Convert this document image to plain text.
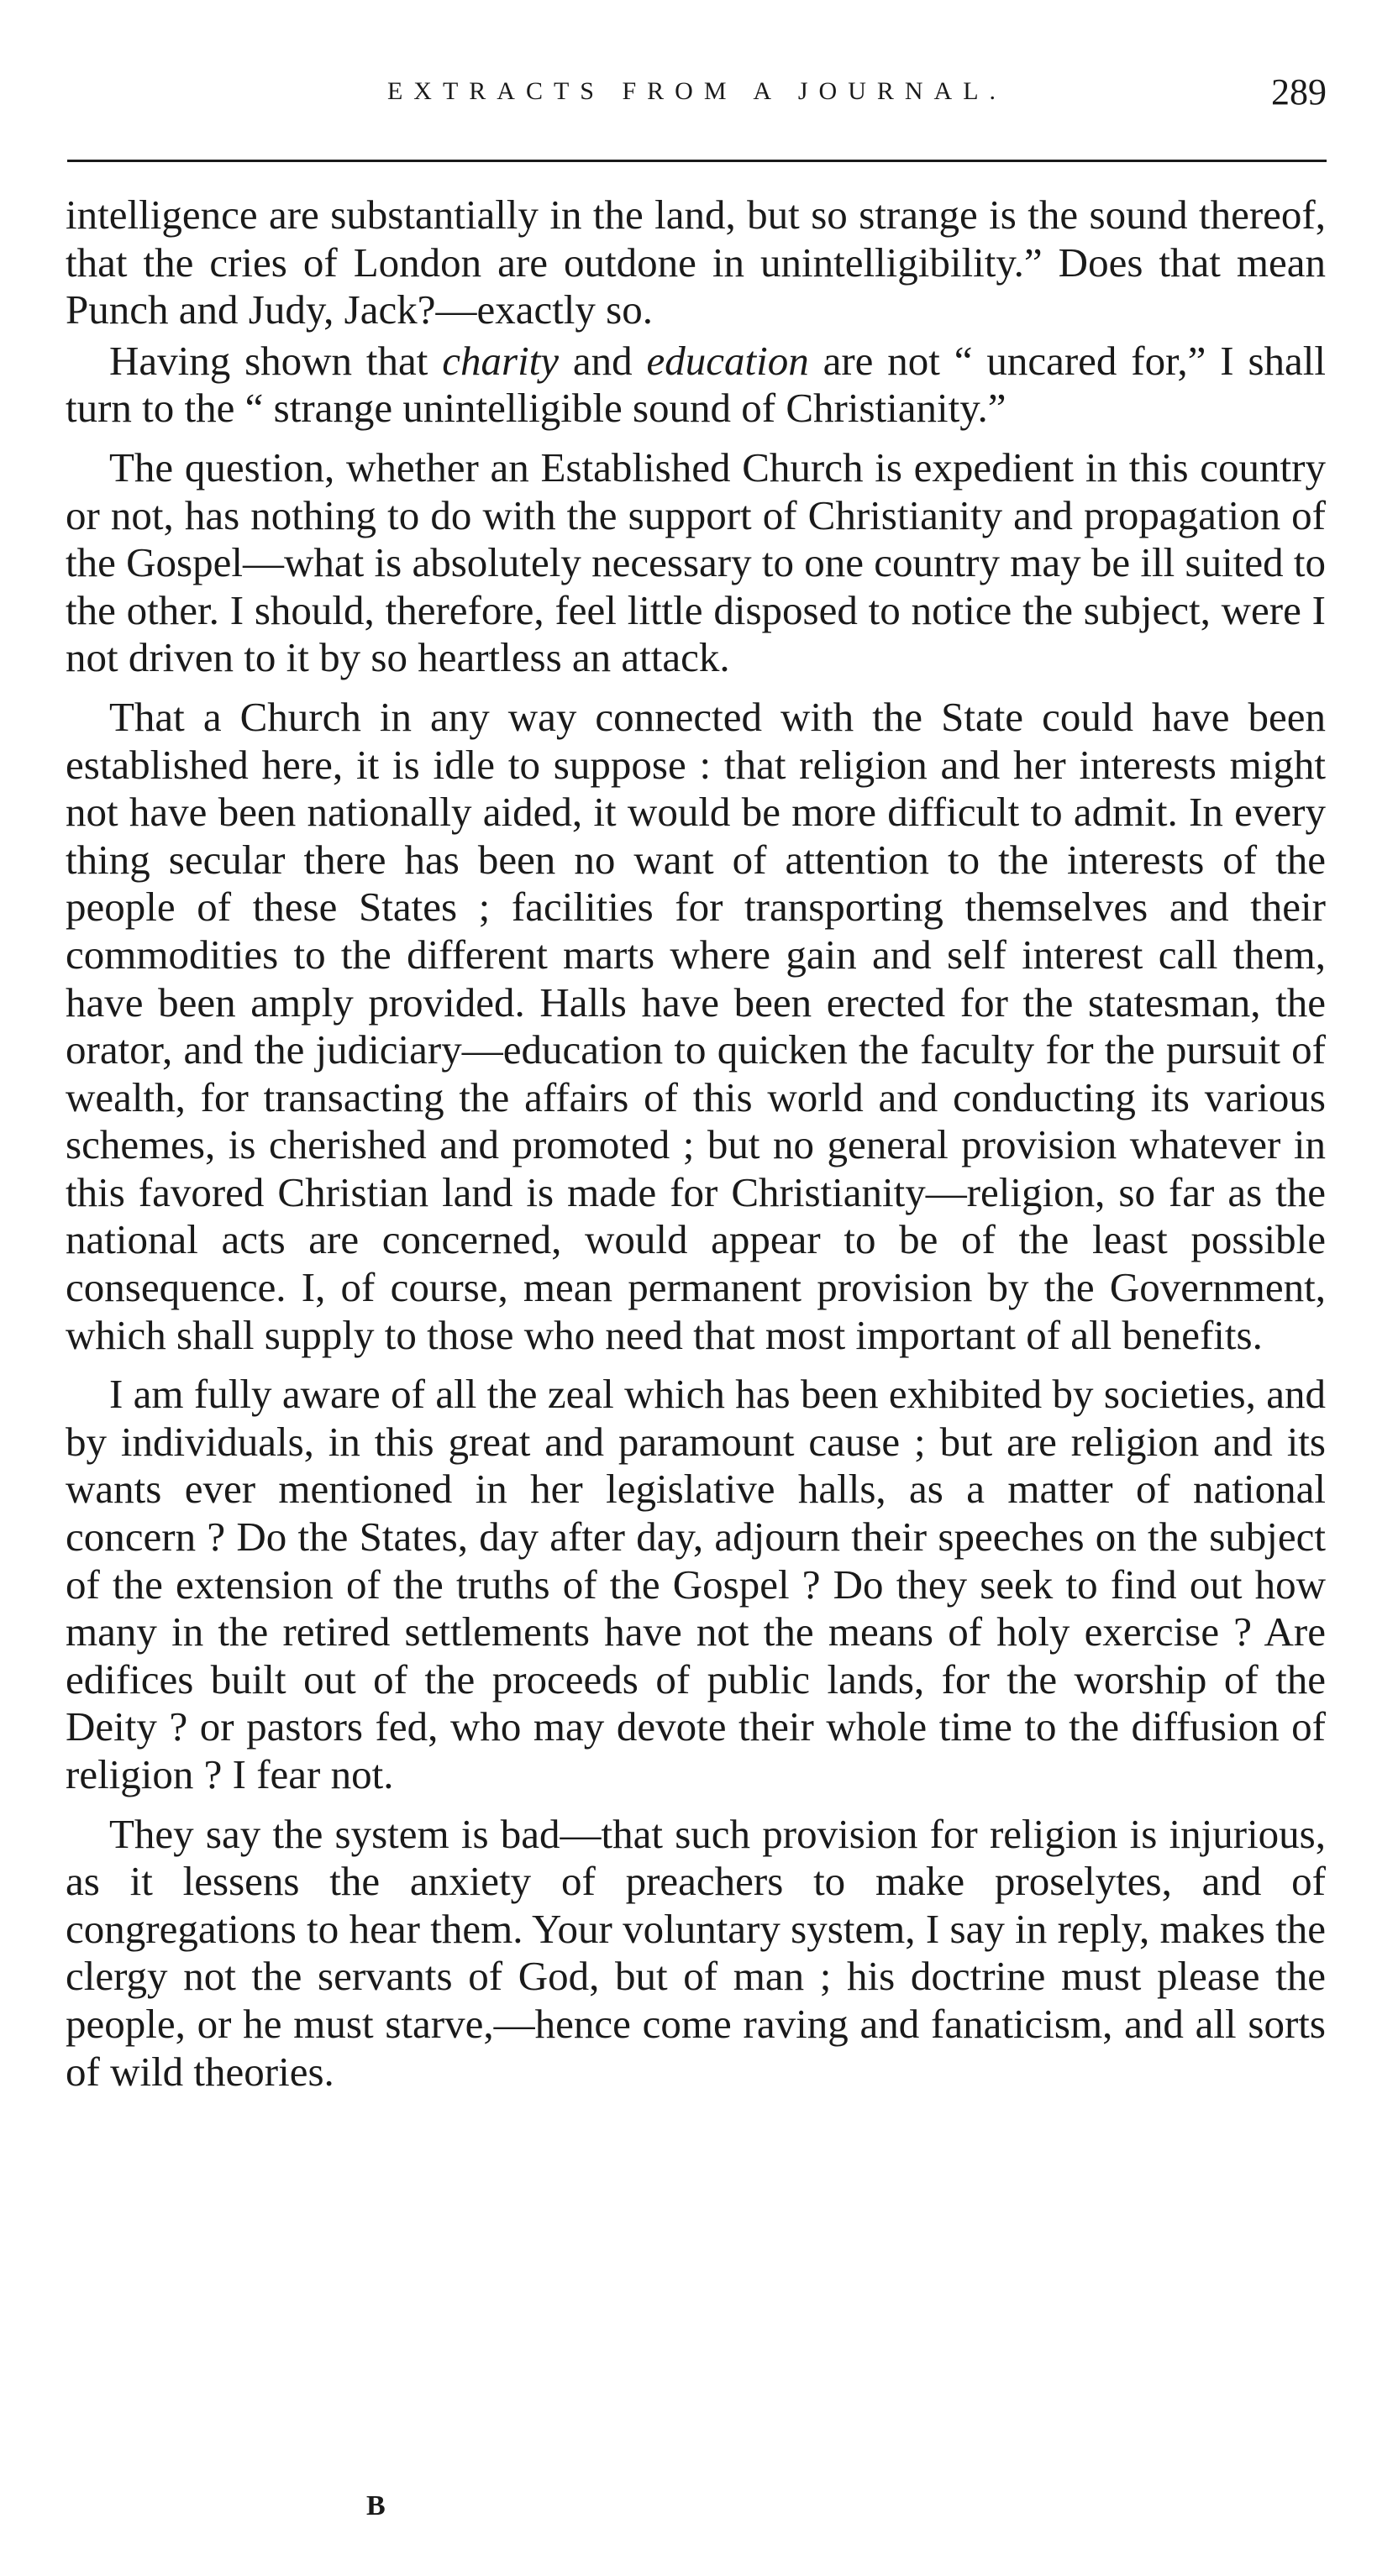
EXTRACTS FROM A JOURNAL.	289

intelligence are substantially in the land, but so strange is the sound thereof, that the cries of London are outdone in unintelligibility.” Does that mean Punch and Judy, Jack?—exactly so.

Having shown that charity and education are not “ uncared for,” I shall turn to the “ strange unintelligible sound of Christianity.”

The question, whether an Established Church is expedient in this country or not, has nothing to do with the support of Christianity and propagation of the Gospel—what is absolutely necessary to one country may be ill suited to the other. I should, therefore, feel little disposed to notice the subject, were I not driven to it by so heartless an attack.

That a Church in any way connected with the State could have been established here, it is idle to suppose : that religion and her interests might not have been nationally aided, it would be more difficult to admit. In every thing secular there has been no want of attention to the interests of the people of these States ; facilities for transporting themselves and their commodities to the different marts where gain and self interest call them, have been amply provided. Halls have been erected for the statesman, the orator, and the judiciary—education to quicken the faculty for the pursuit of wealth, for transacting the affairs of this world and conducting its various schemes, is cherished and promoted ; but no general provision whatever in this favored Christian land is made for Christianity—religion, so far as the national acts are concerned, would appear to be of the least possible consequence. I, of course, mean permanent provision by the Government, which shall supply to those who need that most important of all benefits.

I am fully aware of all the zeal which has been exhibited by societies, and by individuals, in this great and paramount cause ; but are religion and its wants ever mentioned in her legislative halls, as a matter of national concern ? Do the States, day after day, adjourn their speeches on the subject of the extension of the truths of the Gospel ? Do they seek to find out how many in the retired settlements have not the means of holy exercise ? Are edifices built out of the proceeds of public lands, for the worship of the Deity ? or pastors fed, who may devote their whole time to the diffusion of religion ? I fear not.

They say the system is bad—that such provision for religion is injurious, as it lessens the anxiety of preachers to make proselytes, and of congregations to hear them. Your voluntary system, I say in reply, makes the clergy not the servants of God, but of man ; his doctrine must please the people, or he must starve,—hence come raving and fanaticism, and all sorts of wild theories.

B
